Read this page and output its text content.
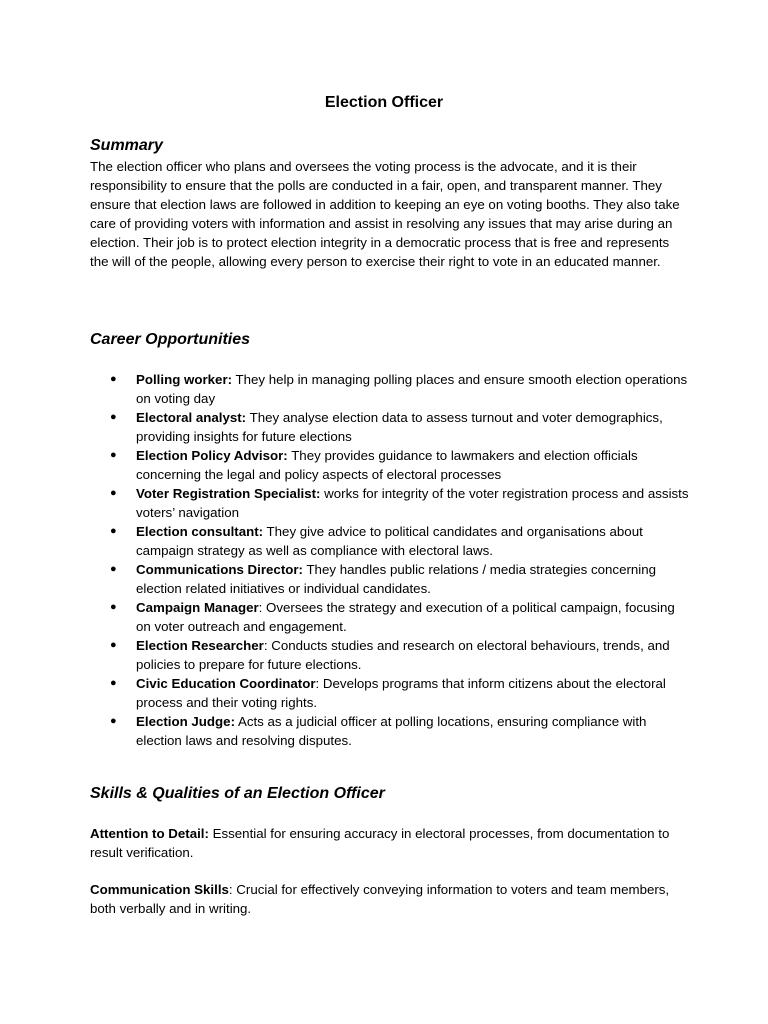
Election Officer
Summary

The election officer who plans and oversees the voting process is the advocate, and it is their responsibility to ensure that the polls are conducted in a fair, open, and transparent manner. They ensure that election laws are followed in addition to keeping an eye on voting booths. They also take care of providing voters with information and assist in resolving any issues that may arise during an election. Their job is to protect election integrity in a democratic process that is free and represents the will of the people, allowing every person to exercise their right to vote in an educated manner.

Career Opportunities
● Polling worker: They help in managing polling places and ensure smooth election operations on voting day
● Electoral analyst: They analyse election data to assess turnout and voter demographics, providing insights for future elections
● Election Policy Advisor: They provides guidance to lawmakers and election officials concerning the legal and policy aspects of electoral processes
● Voter Registration Specialist: works for integrity of the voter registration process and assists voters’ navigation
● Election consultant: They give advice to political candidates and organisations about campaign strategy as well as compliance with electoral laws.
● Communications Director: They handles public relations / media strategies concerning election related initiatives or individual candidates.
● Campaign Manager: Oversees the strategy and execution of a political campaign, focusing on voter outreach and engagement.
● Election Researcher: Conducts studies and research on electoral behaviours, trends, and policies to prepare for future elections.
● Civic Education Coordinator: Develops programs that inform citizens about the electoral process and their voting rights.
● Election Judge: Acts as a judicial officer at polling locations, ensuring compliance with election laws and resolving disputes.
Skills & Qualities of an Election Officer

Attention to Detail: Essential for ensuring accuracy in electoral processes, from documentation to result verification.

Communication Skills: Crucial for effectively conveying information to voters and team members, both verbally and in writing.
